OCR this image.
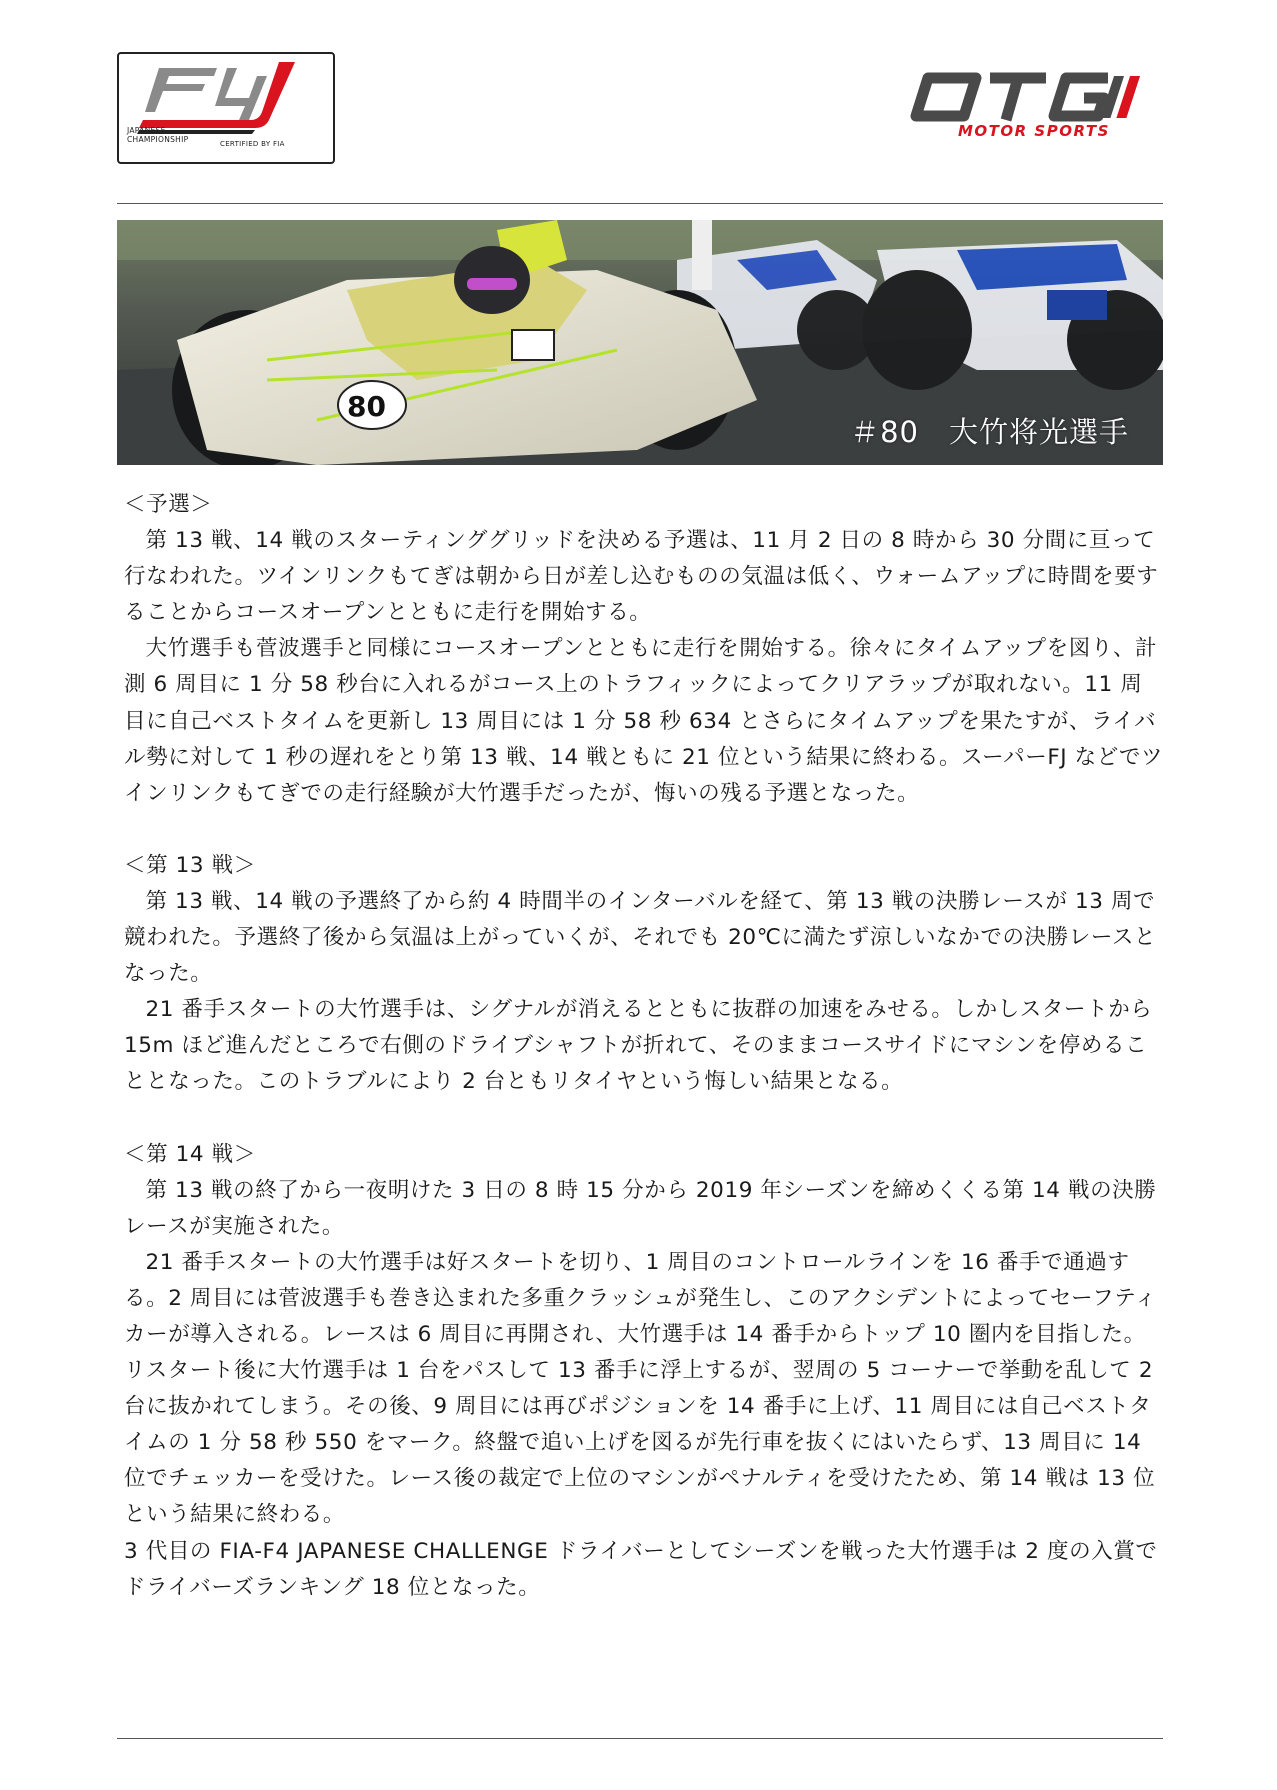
JAPANESE
CHAMPIONSHIP	CERTIFIED BY FIA
MOTOR SPORTS
80
＃80　大竹将光選手

＜予選＞

第 13 戦、14 戦のスターティンググリッドを決める予選は、11 月 2 日の 8 時から 30 分間に亘って行なわれた。ツインリンクもてぎは朝から日が差し込むものの気温は低く、ウォームアップに時間を要することからコースオープンとともに走行を開始する。

大竹選手も菅波選手と同様にコースオープンとともに走行を開始する。徐々にタイムアップを図り、計測 6 周目に 1 分 58 秒台に入れるがコース上のトラフィックによってクリアラップが取れない。11 周目に自己ベストタイムを更新し 13 周目には 1 分 58 秒 634 とさらにタイムアップを果たすが、ライバル勢に対して 1 秒の遅れをとり第 13 戦、14 戦ともに 21 位という結果に終わる。スーパーFJ などでツインリンクもてぎでの走行経験が大竹選手だったが、悔いの残る予選となった。

＜第 13 戦＞

第 13 戦、14 戦の予選終了から約 4 時間半のインターバルを経て、第 13 戦の決勝レースが 13 周で競われた。予選終了後から気温は上がっていくが、それでも 20℃に満たず涼しいなかでの決勝レースとなった。

21 番手スタートの大竹選手は、シグナルが消えるとともに抜群の加速をみせる。しかしスタートから 15m ほど進んだところで右側のドライブシャフトが折れて、そのままコースサイドにマシンを停めることとなった。このトラブルにより 2 台ともリタイヤという悔しい結果となる。

＜第 14 戦＞

第 13 戦の終了から一夜明けた 3 日の 8 時 15 分から 2019 年シーズンを締めくくる第 14 戦の決勝レースが実施された。

21 番手スタートの大竹選手は好スタートを切り、1 周目のコントロールラインを 16 番手で通過する。2 周目には菅波選手も巻き込まれた多重クラッシュが発生し、このアクシデントによってセーフティカーが導入される。レースは 6 周目に再開され、大竹選手は 14 番手からトップ 10 圏内を目指した。リスタート後に大竹選手は 1 台をパスして 13 番手に浮上するが、翌周の 5 コーナーで挙動を乱して 2 台に抜かれてしまう。その後、9 周目には再びポジションを 14 番手に上げ、11 周目には自己ベストタイムの 1 分 58 秒 550 をマーク。終盤で追い上げを図るが先行車を抜くにはいたらず、13 周目に 14 位でチェッカーを受けた。レース後の裁定で上位のマシンがペナルティを受けたため、第 14 戦は 13 位という結果に終わる。

3 代目の FIA-F4 JAPANESE CHALLENGE ドライバーとしてシーズンを戦った大竹選手は 2 度の入賞でドライバーズランキング 18 位となった。
